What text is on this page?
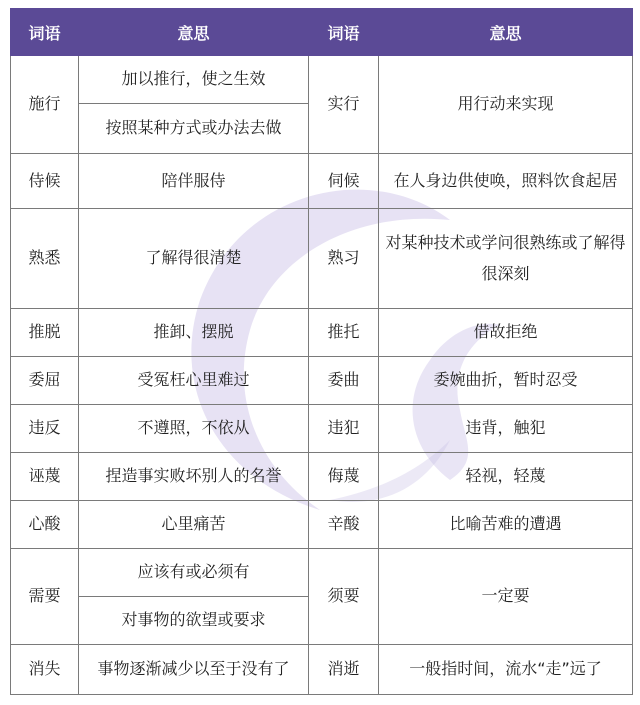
词语	意思	词语	意思
施行	加以推行，使之生效	实行	用行动来实现
	按照某种方式或办法去做		
侍候	陪伴服侍	伺候	在人身边供使唤，照料饮食起居
熟悉	了解得很清楚	熟习	对某种技术或学问很熟练或了解得很深刻
推脱	推卸、摆脱	推托	借故拒绝
委屈	受冤枉心里难过	委曲	委婉曲折，暂时忍受
违反	不遵照，不依从	违犯	违背，触犯
诬蔑	捏造事实败坏别人的名誉	侮蔑	轻视，轻蔑
心酸	心里痛苦	辛酸	比喻苦难的遭遇
需要	应该有或必须有	须要	一定要
	对事物的欲望或要求		
消失	事物逐渐减少以至于没有了	消逝	一般指时间，流水“走”远了
